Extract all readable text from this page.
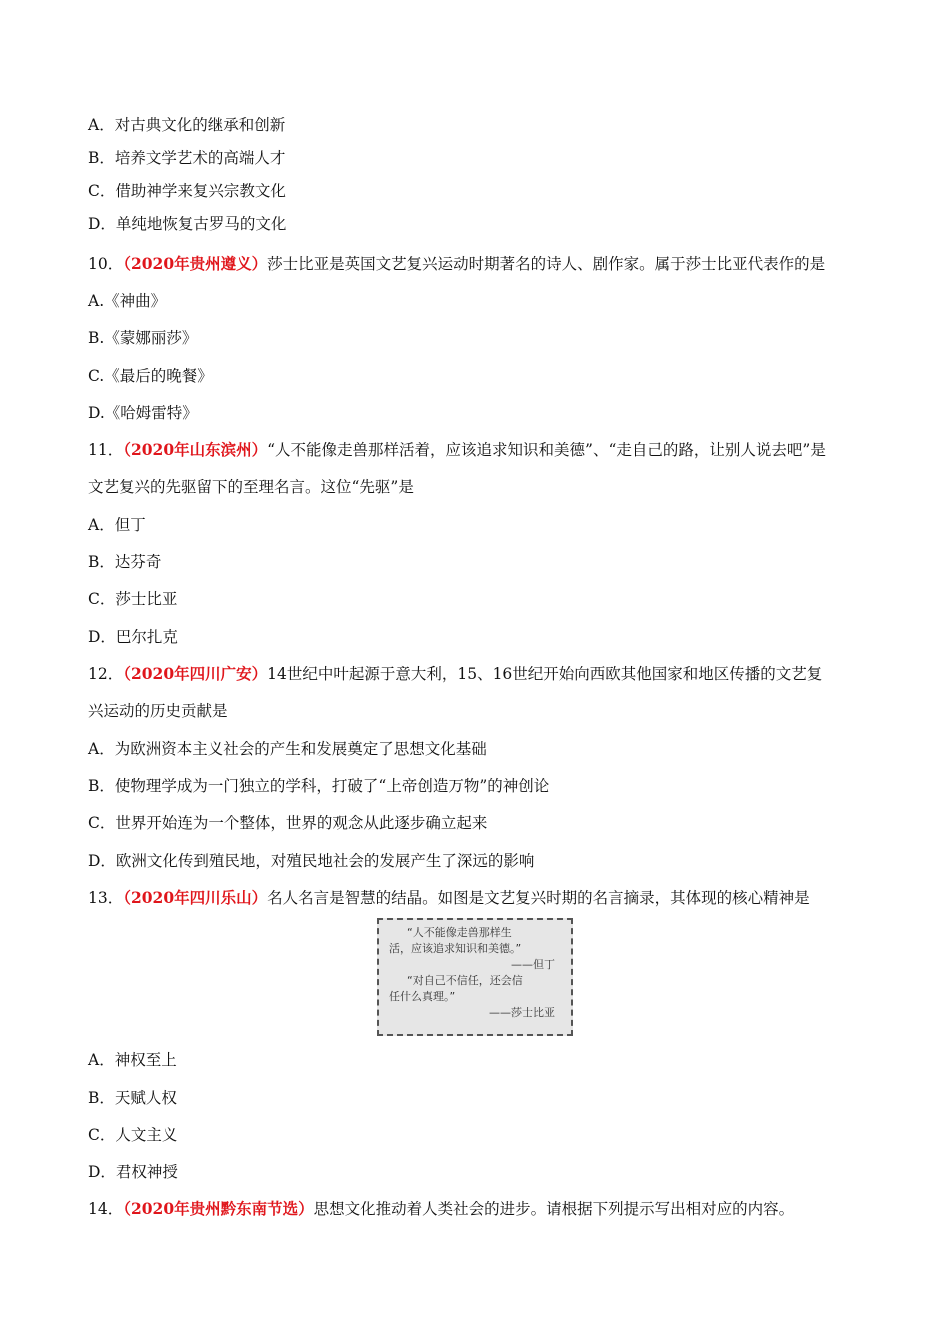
A．对古典文化的继承和创新
B．培养文学艺术的高端人才
C．借助神学来复兴宗教文化
D．单纯地恢复古罗马的文化
10．（2020年贵州遵义）莎士比亚是英国文艺复兴运动时期著名的诗人、剧作家。属于莎士比亚代表作的是
A.《神曲》
B.《蒙娜丽莎》
C.《最后的晚餐》
D.《哈姆雷特》
11．（2020年山东滨州）“人不能像走兽那样活着，应该追求知识和美德”、“走自己的路，让别人说去吧”是
文艺复兴的先驱留下的至理名言。这位“先驱”是
A．但丁
B．达芬奇
C．莎士比亚
D．巴尔扎克
12．（2020年四川广安）14世纪中叶起源于意大利，15、16世纪开始向西欧其他国家和地区传播的文艺复
兴运动的历史贡献是
A．为欧洲资本主义社会的产生和发展奠定了思想文化基础
B．使物理学成为一门独立的学科，打破了“上帝创造万物”的神创论
C．世界开始连为一个整体，世界的观念从此逐步确立起来
D．欧洲文化传到殖民地，对殖民地社会的发展产生了深远的影响
13．（2020年四川乐山）名人名言是智慧的结晶。如图是文艺复兴时期的名言摘录，其体现的核心精神是
“人不能像走兽那样生
活，应该追求知识和美德。”
——但丁
“对自己不信任，还会信
任什么真理。”
——莎士比亚
A．神权至上
B．天赋人权
C．人文主义
D．君权神授
14．（2020年贵州黔东南节选）思想文化推动着人类社会的进步。请根据下列提示写出相对应的内容。
